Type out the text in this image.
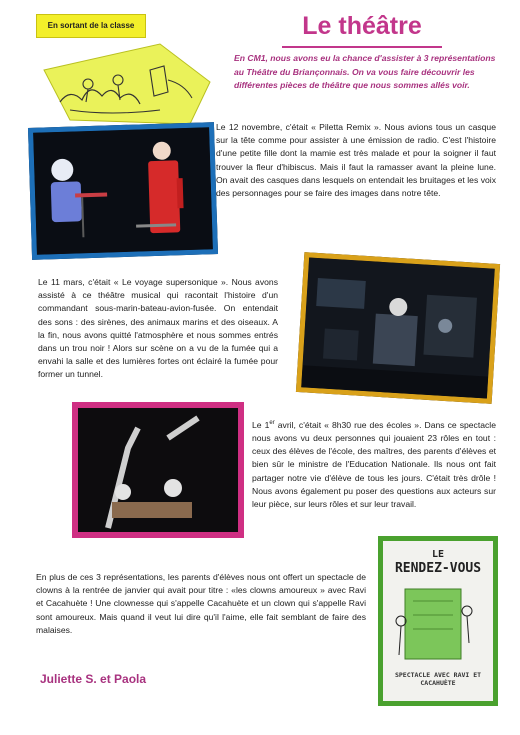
En sortant de la classe	Le théâtre
En CM1, nous avons eu la chance d'assister à 3 représentations au Théâtre du Briançonnais. On va vous faire découvrir les différentes pièces de théâtre que nous sommes allés voir.
Le 12 novembre, c'était « Piletta Remix ». Nous avions tous un casque sur la tête comme pour assister à une émission de radio. C'est l'histoire d'une petite fille dont la mamie est très malade et pour la soigner il faut trouver la fleur d'hibiscus. Mais il faut la ramasser avant la pleine lune. On avait des casques dans lesquels on entendait les bruitages et les voix des personnages pour se faire des images dans notre tête.
Le 11 mars, c'était « Le voyage supersonique ». Nous avons assisté à ce théâtre musical qui racontait l'histoire d'un commandant sous-marin-bateau-avion-fusée. On entendait des sons : des sirènes, des animaux marins et des oiseaux. A la fin, nous avons quitté l'atmosphère et nous sommes entrés dans un trou noir ! Alors sur scène on a vu de la fumée qui a envahi la salle et des lumières fortes ont éclairé la fumée pour former un tunnel.
Le 1er avril, c'était « 8h30 rue des écoles ». Dans ce spectacle nous avons vu deux personnes qui jouaient 23 rôles en tout : ceux des élèves de l'école, des maîtres, des parents d'élèves et bien sûr le ministre de l'Education Nationale. Ils nous ont fait partager notre vie d'élève de tous les jours. C'était très drôle ! Nous avons également pu poser des questions aux acteurs sur leur pièce, sur leurs rôles et sur leur travail.
En plus de ces 3 représentations, les parents d'élèves nous ont offert un spectacle de clowns à la rentrée de janvier qui avait pour titre : «les clowns amoureux » avec Ravi et Cacahuète ! Une clownesse qui s'appelle Cacahuète et un clown qui s'appelle Ravi sont amoureux. Mais quand il veut lui dire qu'il l'aime, elle fait semblant de faire des malaises.
LE
RENDEZ-VOUS
SPECTACLE AVEC RAVI ET CACAHUÈTE
Juliette S. et Paola
